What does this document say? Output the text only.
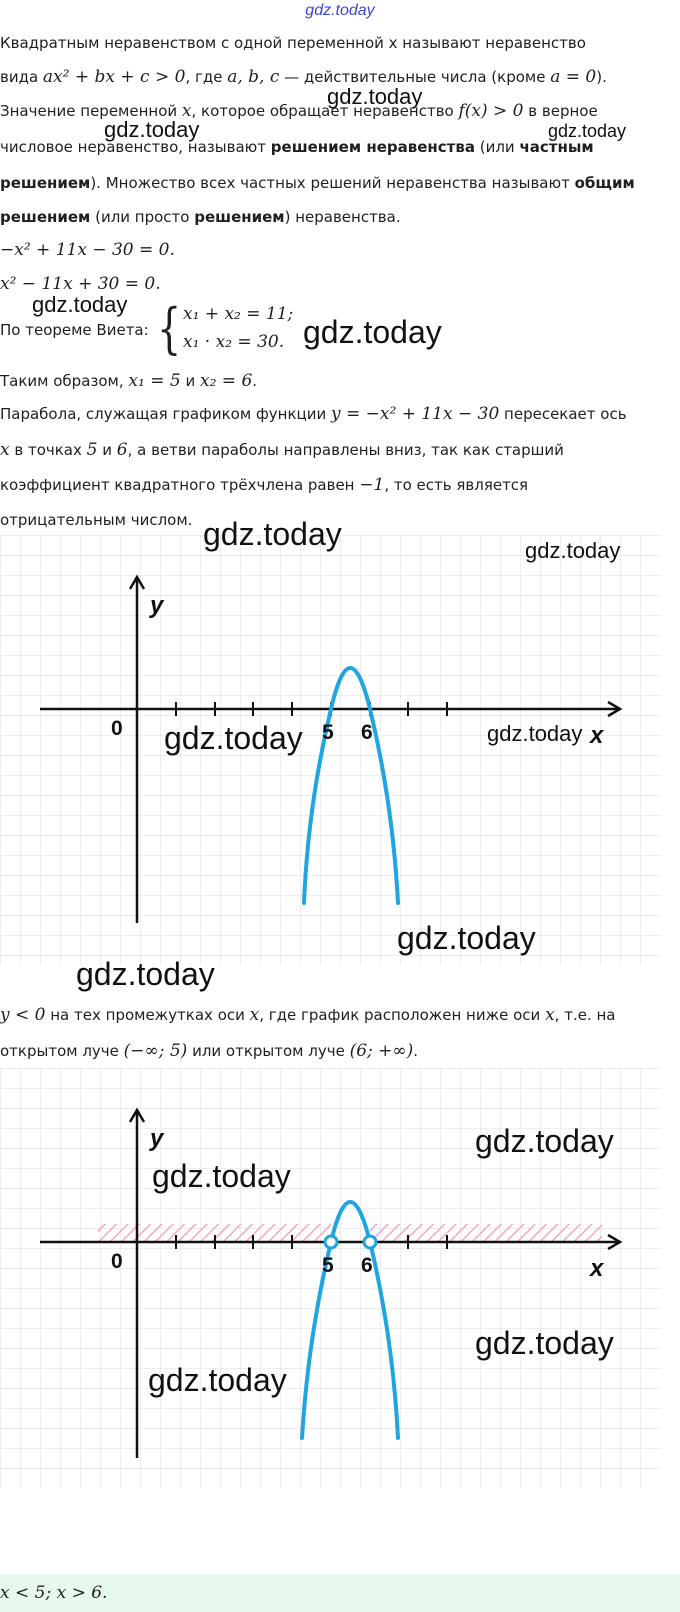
gdz.today
Квадратным неравенством с одной переменной x называют неравенство
вида ax² + bx + c > 0, где a, b, c — действительные числа (кроме a = 0).
Значение переменной x, которое обращает неравенство f(x) > 0 в верное
числовое неравенство, называют решением неравенства (или частным
решением). Множество всех частных решений неравенства называют общим
решением (или просто решением) неравенства.
−x² + 11x − 30 = 0.
x² − 11x + 30 = 0.
По теореме Виета: { x₁ + x₂ = 11;
x₁ · x₂ = 30.
Таким образом, x₁ = 5 и x₂ = 6.
Парабола, служащая графиком функции y = −x² + 11x − 30 пересекает ось
x в точках 5 и 6, а ветви параболы направлены вниз, так как старший
коэффициент квадратного трёхчлена равен −1, то есть является
отрицательным числом.
y
x
0	5 6
y < 0 на тех промежутках оси x, где график расположен ниже оси x, т.е. на
открытом луче (−∞; 5) или открытом луче (6; +∞).
y
x
0	5 6
x < 5; x > 6.
gdz.today
gdz.today	gdz.today
gdz.today
gdz.today
gdz.today	gdz.today
gdz.today	gdz.today
gdz.today
gdz.today
gdz.today
gdz.today
gdz.today
gdz.today
